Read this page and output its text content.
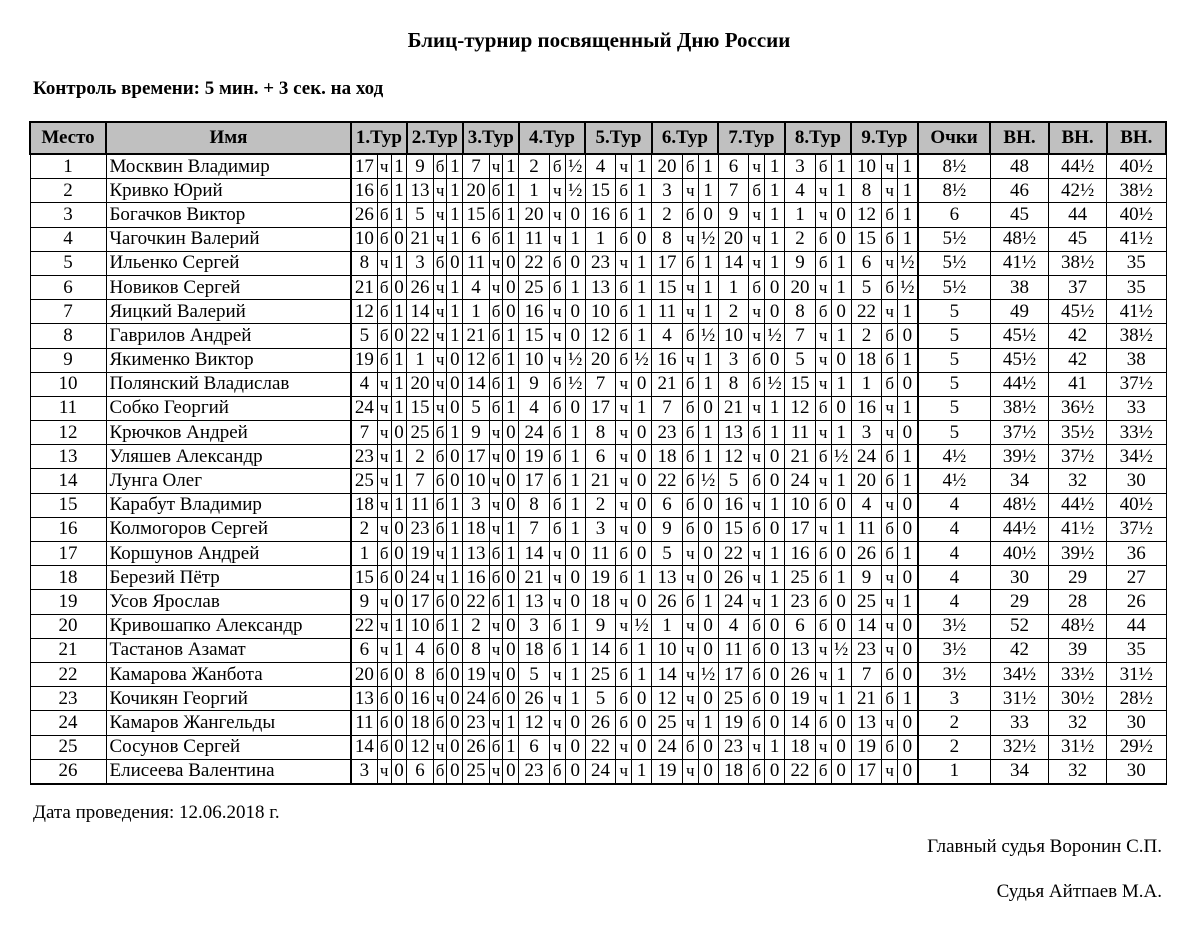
Блиц-турнир посвященный Дню России
Контроль времени: 5 мин. + 3 сек. на ход
Место	Имя	1.Тур			2.Тур			3.Тур			4.Тур			5.Тур			6.Тур			7.Тур			8.Тур			9.Тур			Очки	ВН.	ВН.	ВН.
1	Москвин Владимир	17	ч	1	9	б	1	7	ч	1	2	б	½	4	ч	1	20	б	1	6	ч	1	3	б	1	10	ч	1	8½	48	44½	40½
2	Кривко Юрий	16	б	1	13	ч	1	20	б	1	1	ч	½	15	б	1	3	ч	1	7	б	1	4	ч	1	8	ч	1	8½	46	42½	38½
3	Богачков Виктор	26	б	1	5	ч	1	15	б	1	20	ч	0	16	б	1	2	б	0	9	ч	1	1	ч	0	12	б	1	6	45	44	40½
4	Чагочкин Валерий	10	б	0	21	ч	1	6	б	1	11	ч	1	1	б	0	8	ч	½	20	ч	1	2	б	0	15	б	1	5½	48½	45	41½
5	Ильенко Сергей	8	ч	1	3	б	0	11	ч	0	22	б	0	23	ч	1	17	б	1	14	ч	1	9	б	1	6	ч	½	5½	41½	38½	35
6	Новиков Сергей	21	б	0	26	ч	1	4	ч	0	25	б	1	13	б	1	15	ч	1	1	б	0	20	ч	1	5	б	½	5½	38	37	35
7	Яицкий Валерий	12	б	1	14	ч	1	1	б	0	16	ч	0	10	б	1	11	ч	1	2	ч	0	8	б	0	22	ч	1	5	49	45½	41½
8	Гаврилов Андрей	5	б	0	22	ч	1	21	б	1	15	ч	0	12	б	1	4	б	½	10	ч	½	7	ч	1	2	б	0	5	45½	42	38½
9	Якименко Виктор	19	б	1	1	ч	0	12	б	1	10	ч	½	20	б	½	16	ч	1	3	б	0	5	ч	0	18	б	1	5	45½	42	38
10	Полянский Владислав	4	ч	1	20	ч	0	14	б	1	9	б	½	7	ч	0	21	б	1	8	б	½	15	ч	1	1	б	0	5	44½	41	37½
11	Собко Георгий	24	ч	1	15	ч	0	5	б	1	4	б	0	17	ч	1	7	б	0	21	ч	1	12	б	0	16	ч	1	5	38½	36½	33
12	Крючков Андрей	7	ч	0	25	б	1	9	ч	0	24	б	1	8	ч	0	23	б	1	13	б	1	11	ч	1	3	ч	0	5	37½	35½	33½
13	Уляшев Александр	23	ч	1	2	б	0	17	ч	0	19	б	1	6	ч	0	18	б	1	12	ч	0	21	б	½	24	б	1	4½	39½	37½	34½
14	Лунга Олег	25	ч	1	7	б	0	10	ч	0	17	б	1	21	ч	0	22	б	½	5	б	0	24	ч	1	20	б	1	4½	34	32	30
15	Карабут Владимир	18	ч	1	11	б	1	3	ч	0	8	б	1	2	ч	0	6	б	0	16	ч	1	10	б	0	4	ч	0	4	48½	44½	40½
16	Колмогоров Сергей	2	ч	0	23	б	1	18	ч	1	7	б	1	3	ч	0	9	б	0	15	б	0	17	ч	1	11	б	0	4	44½	41½	37½
17	Коршунов Андрей	1	б	0	19	ч	1	13	б	1	14	ч	0	11	б	0	5	ч	0	22	ч	1	16	б	0	26	б	1	4	40½	39½	36
18	Березий Пётр	15	б	0	24	ч	1	16	б	0	21	ч	0	19	б	1	13	ч	0	26	ч	1	25	б	1	9	ч	0	4	30	29	27
19	Усов Ярослав	9	ч	0	17	б	0	22	б	1	13	ч	0	18	ч	0	26	б	1	24	ч	1	23	б	0	25	ч	1	4	29	28	26
20	Кривошапко Александр	22	ч	1	10	б	1	2	ч	0	3	б	1	9	ч	½	1	ч	0	4	б	0	6	б	0	14	ч	0	3½	52	48½	44
21	Тастанов Азамат	6	ч	1	4	б	0	8	ч	0	18	б	1	14	б	1	10	ч	0	11	б	0	13	ч	½	23	ч	0	3½	42	39	35
22	Камарова Жанбота	20	б	0	8	б	0	19	ч	0	5	ч	1	25	б	1	14	ч	½	17	б	0	26	ч	1	7	б	0	3½	34½	33½	31½
23	Кочикян Георгий	13	б	0	16	ч	0	24	б	0	26	ч	1	5	б	0	12	ч	0	25	б	0	19	ч	1	21	б	1	3	31½	30½	28½
24	Камаров Жангельды	11	б	0	18	б	0	23	ч	1	12	ч	0	26	б	0	25	ч	1	19	б	0	14	б	0	13	ч	0	2	33	32	30
25	Сосунов Сергей	14	б	0	12	ч	0	26	б	1	6	ч	0	22	ч	0	24	б	0	23	ч	1	18	ч	0	19	б	0	2	32½	31½	29½
26	Елисеева Валентина	3	ч	0	6	б	0	25	ч	0	23	б	0	24	ч	1	19	ч	0	18	б	0	22	б	0	17	ч	0	1	34	32	30
Дата проведения: 12.06.2018 г.
Главный судья Воронин С.П.
Судья Айтпаев М.А.
